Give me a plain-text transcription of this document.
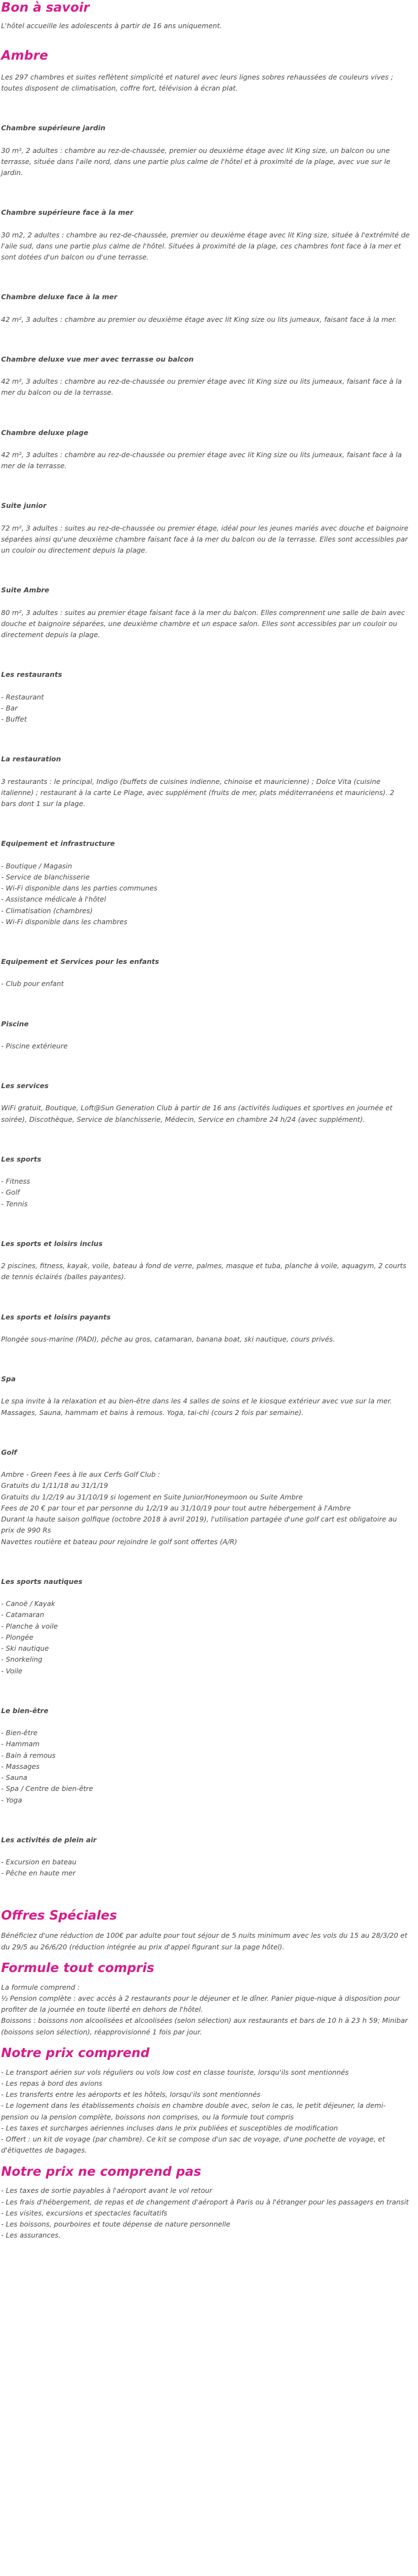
Bon à savoir

L'hôtel accueille les adolescents à partir de 16 ans uniquement.

Ambre

Les 297 chambres et suites reflètent simplicité et naturel avec leurs lignes sobres rehaussées de couleurs vives ; toutes disposent de climatisation, coffre fort, télévision à écran plat.

Chambre supérieure jardin

30 m², 2 adultes : chambre au rez-de-chaussée, premier ou deuxième étage avec lit King size, un balcon ou une terrasse, située dans l'aile nord, dans une partie plus calme de l'hôtel et à proximité de la plage, avec vue sur le jardin.

Chambre supérieure face à la mer

30 m2, 2 adultes : chambre au rez-de-chaussée, premier ou deuxième étage avec lit King size, située à l'extrémité de l'aile sud, dans une partie plus calme de l'hôtel. Situées à proximité de la plage, ces chambres font face à la mer et sont dotées d'un balcon ou d'une terrasse.

Chambre deluxe face à la mer

42 m², 3 adultes : chambre au premier ou deuxième étage avec lit King size ou lits jumeaux, faisant face à la mer.

Chambre deluxe vue mer avec terrasse ou balcon

42 m², 3 adultes : chambre au rez-de-chaussée ou premier étage avec lit King size ou lits jumeaux, faisant face à la mer du balcon ou de la terrasse.

Chambre deluxe plage

42 m², 3 adultes : chambre au rez-de-chaussée ou premier étage avec lit King size ou lits jumeaux, faisant face à la mer de la terrasse.

Suite junior

72 m², 3 adultes : suites au rez-de-chaussée ou premier étage, idéal pour les jeunes mariés avec douche et baignoire séparées ainsi qu'une deuxième chambre faisant face à la mer du balcon ou de la terrasse. Elles sont accessibles par un couloir ou directement depuis la plage.

Suite Ambre

80 m², 3 adultes : suites au premier étage faisant face à la mer du balcon. Elles comprennent une salle de bain avec douche et baignoire séparées, une deuxième chambre et un espace salon. Elles sont accessibles par un couloir ou directement depuis la plage.

Les restaurants
- Restaurant
- Bar
- Buffet
La restauration

3 restaurants : le principal, Indigo (buffets de cuisines indienne, chinoise et mauricienne) ; Dolce Vita (cuisine italienne) ; restaurant à la carte Le Plage, avec supplément (fruits de mer, plats méditerranéens et mauriciens). 2 bars dont 1 sur la plage.

Equipement et infrastructure
- Boutique / Magasin
- Service de blanchisserie
- Wi-Fi disponible dans les parties communes
- Assistance médicale à l'hôtel
- Climatisation (chambres)
- Wi-Fi disponible dans les chambres
Equipement et Services pour les enfants
- Club pour enfant
Piscine
- Piscine extérieure
Les services

WiFi gratuit, Boutique, Loft@Sun Generation Club à partir de 16 ans (activités ludiques et sportives en journée et soirée), Discothèque, Service de blanchisserie, Médecin, Service en chambre 24 h/24 (avec supplément).

Les sports
- Fitness
- Golf
- Tennis
Les sports et loisirs inclus

2 piscines, fitness, kayak, voile, bateau à fond de verre, palmes, masque et tuba, planche à voile, aquagym, 2 courts de tennis éclairés (balles payantes).

Les sports et loisirs payants

Plongée sous-marine (PADI), pêche au gros, catamaran, banana boat, ski nautique, cours privés.

Spa

Le spa invite à la relaxation et au bien-être dans les 4 salles de soins et le kiosque extérieur avec vue sur la mer. Massages, Sauna, hammam et bains à remous. Yoga, tai-chi (cours 2 fois par semaine).

Golf

Ambre - Green Fees à Ile aux Cerfs Golf Club :
Gratuits du 1/11/18 au 31/1/19
Gratuits du 1/2/19 au 31/10/19 si logement en Suite Junior/Honeymoon ou Suite Ambre
Fees de 20 € par tour et par personne du 1/2/19 au 31/10/19 pour tout autre hébergement à l'Ambre
Durant la haute saison golfique (octobre 2018 à avril 2019), l'utilisation partagée d'une golf cart est obligatoire au prix de 990 Rs
Navettes routière et bateau pour rejoindre le golf sont offertes (A/R)

Les sports nautiques
- Canoë / Kayak
- Catamaran
- Planche à voile
- Plongée
- Ski nautique
- Snorkeling
- Voile
Le bien-être
- Bien-être
- Hammam
- Bain à remous
- Massages
- Sauna
- Spa / Centre de bien-être
- Yoga
Les activités de plein air
- Excursion en bateau
- Pêche en haute mer
Offres Spéciales

Bénéficiez d'une réduction de 100€ par adulte pour tout séjour de 5 nuits minimum avec les vols du 15 au 28/3/20 et du 29/5 au 26/6/20 (réduction intégrée au prix d'appel figurant sur la page hôtel).

Formule tout compris

La formule comprend :
½ Pension complète : avec accès à 2 restaurants pour le déjeuner et le dîner. Panier pique-nique à disposition pour profiter de la journée en toute liberté en dehors de l'hôtel.
Boissons : boissons non alcoolisées et alcoolisées (selon sélection) aux restaurants et bars de 10 h à 23 h 59; Minibar (boissons selon sélection), réapprovisionné 1 fois par jour.

Notre prix comprend

- Le transport aérien sur vols réguliers ou vols low cost en classe touriste, lorsqu'ils sont mentionnés
- Les repas à bord des avions
- Les transferts entre les aéroports et les hôtels, lorsqu'ils sont mentionnés
- Le logement dans les établissements choisis en chambre double avec, selon le cas, le petit déjeuner, la demi-pension ou la pension complète, boissons non comprises, ou la formule tout compris
- Les taxes et surcharges aériennes incluses dans le prix publiées et susceptibles de modification
- Offert : un kit de voyage (par chambre). Ce kit se compose d'un sac de voyage, d'une pochette de voyage, et d'étiquettes de bagages.

Notre prix ne comprend pas

- Les taxes de sortie payables à l'aéroport avant le vol retour
- Les frais d'hébergement, de repas et de changement d'aéroport à Paris ou à l'étranger pour les passagers en transit
- Les visites, excursions et spectacles facultatifs
- Les boissons, pourboires et toute dépense de nature personnelle
- Les assurances.
